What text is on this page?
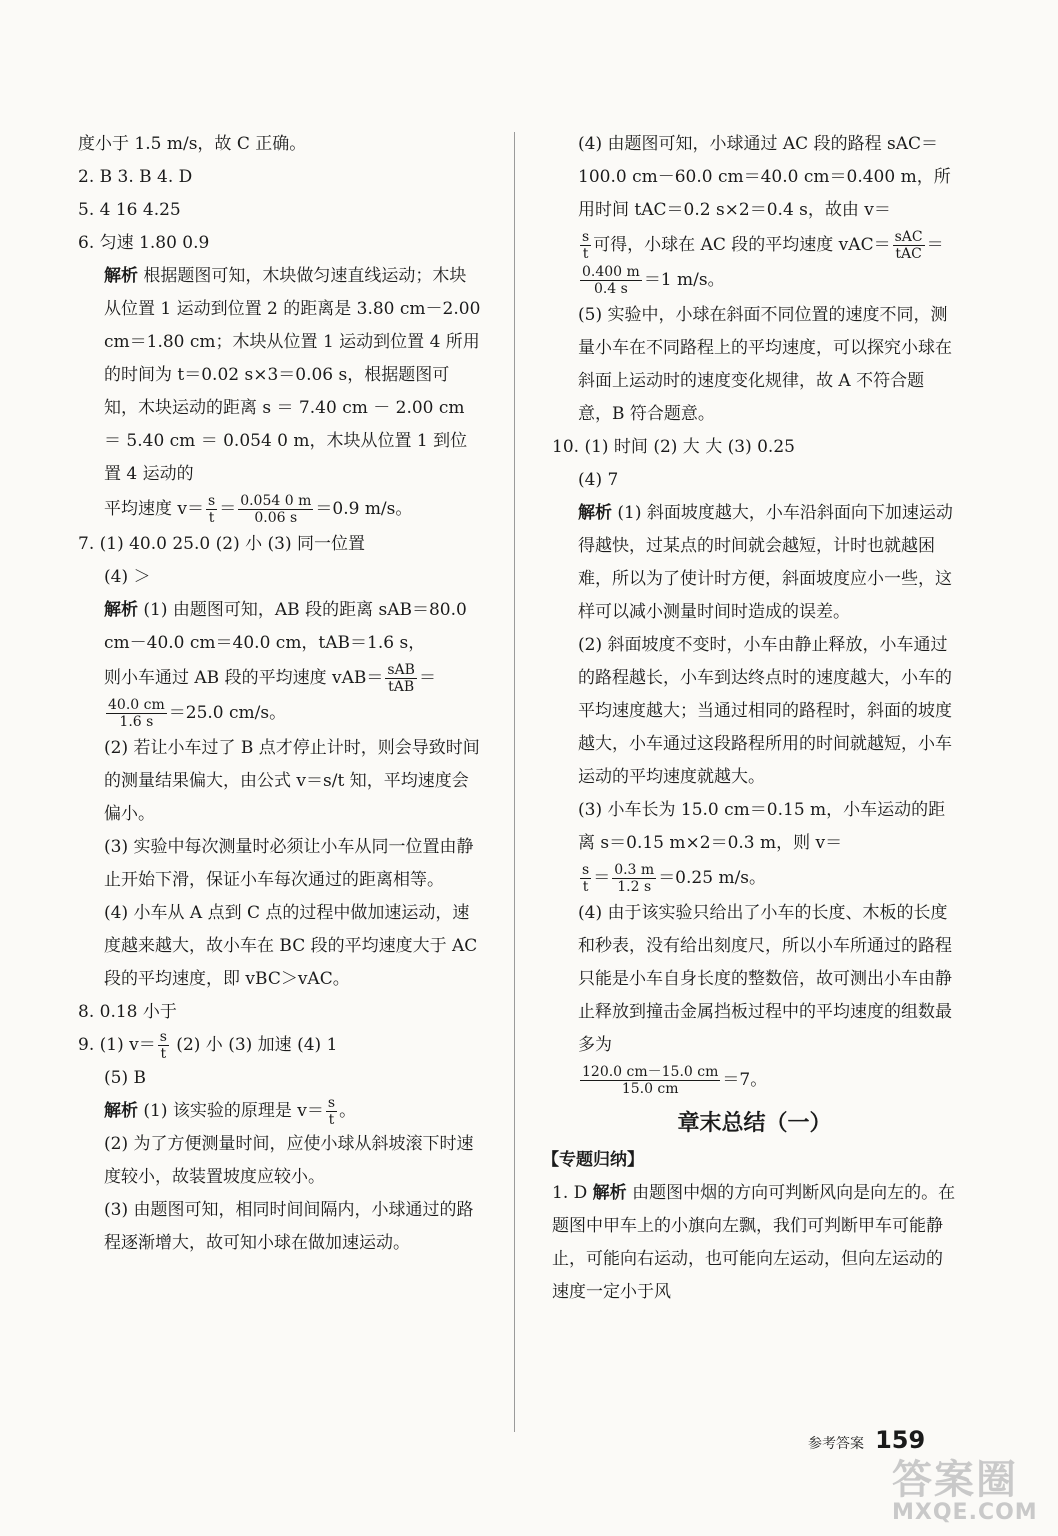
度小于 1.5 m/s，故 C 正确。

2. B 3. B 4. D

5. 4 16 4.25

6. 匀速 1.80 0.9

解析 根据题图可知，木块做匀速直线运动；木块从位置 1 运动到位置 2 的距离是 3.80 cm－2.00 cm＝1.80 cm；木块从位置 1 运动到位置 4 所用的时间为 t＝0.02 s×3＝0.06 s，根据题图可知，木块运动的距离 s ＝ 7.40 cm － 2.00 cm ＝ 5.40 cm ＝ 0.054 0 m，木块从位置 1 到位置 4 运动的

平均速度 $v= \frac{s}{t} = \frac{0.054 0 m}{0.06 s} =0.9$ m/s。

7. (1) 40.0 25.0 (2) 小 (3) 同一位置

(4) ＞

解析 (1) 由题图可知，AB 段的距离 sAB＝80.0 cm－40.0 cm＝40.0 cm，tAB＝1.6 s，

则小车通过 AB 段的平均速度 $vAB= \frac{\text{sAB}}{\text{tAB}}$ ＝

$\frac{40.0 cm}{1.6 s} =25.0$ cm/s。

(2) 若让小车过了 B 点才停止计时，则会导致时间的测量结果偏大，由公式 v＝s/t 知，平均速度会偏小。

(3) 实验中每次测量时必须让小车从同一位置由静止开始下滑，保证小车每次通过的距离相等。

(4) 小车从 A 点到 C 点的过程中做加速运动，速度越来越大，故小车在 BC 段的平均速度大于 AC 段的平均速度，即 vBC＞vAC。

8. 0.18 小于

9. (1) $v= \frac{s}{t} (2)$ 小 (3) 加速 (4) 1

(5) B

解析 (1) 该实验的原理是 $v= \frac{s}{t}$ 。

(2) 为了方便测量时间，应使小球从斜坡滚下时速度较小，故装置坡度应较小。

(3) 由题图可知，相同时间间隔内，小球通过的路程逐渐增大，故可知小球在做加速运动。

(4) 由题图可知，小球通过 AC 段的路程 sAC＝100.0 cm－60.0 cm＝40.0 cm＝0.400 m，所用时间 tAC＝0.2 s×2＝0.4 s，故由 v＝

$\frac{s}{t}$ 可得，小球在 AC 段的平均速度 $vAC= \frac{\text{sAC}}{\text{tAC}}$ ＝

$\frac{0.400 m}{0.4 s} =1$ m/s。

(5) 实验中，小球在斜面不同位置的速度不同，测量小车在不同路程上的平均速度，可以探究小球在斜面上运动时的速度变化规律，故 A 不符合题意，B 符合题意。

10. (1) 时间 (2) 大 大 (3) 0.25

(4) 7

解析 (1) 斜面坡度越大，小车沿斜面向下加速运动得越快，过某点的时间就会越短，计时也就越困难，所以为了使计时方便，斜面坡度应小一些，这样可以减小测量时间时造成的误差。

(2) 斜面坡度不变时，小车由静止释放，小车通过的路程越长，小车到达终点时的速度越大，小车的平均速度越大；当通过相同的路程时，斜面的坡度越大，小车通过这段路程所用的时间就越短，小车运动的平均速度就越大。

(3) 小车长为 15.0 cm＝0.15 m，小车运动的距离 s＝0.15 m×2＝0.3 m，则 v＝

$\frac{s}{t} = \frac{0.3 m}{1.2 s} =0.25$ m/s。

(4) 由于该实验只给出了小车的长度、木板的长度和秒表，没有给出刻度尺，所以小车所通过的路程只能是小车自身长度的整数倍，故可测出小车由静止释放到撞击金属挡板过程中的平均速度的组数最多为

$\frac{120.0 cm-15.0 cm}{15.0 cm} =7$。

章末总结（一）

【专题归纳】

1. D 解析 由题图中烟的方向可判断风向是向左的。在题图中甲车上的小旗向左飘，我们可判断甲车可能静止，可能向右运动，也可能向左运动，但向左运动的速度一定小于风

参考答案 159
答案圈
MXQE.COM
